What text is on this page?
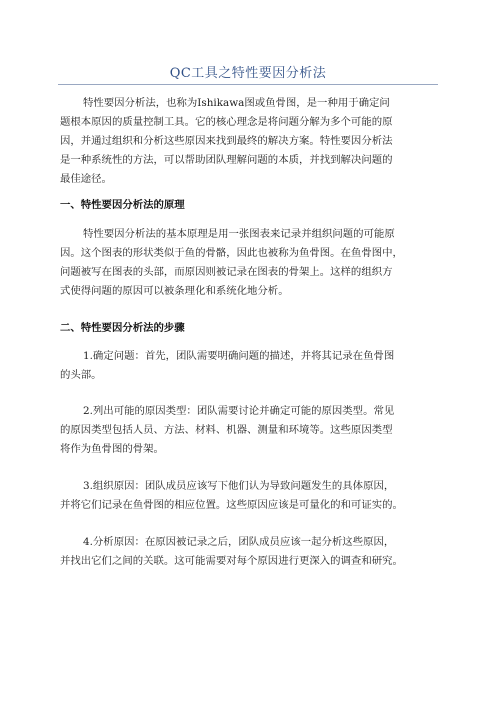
QC工具之特性要因分析法

特性要因分析法，也称为Ishikawa图或鱼骨图，是一种用于确定问
题根本原因的质量控制工具。它的核心理念是将问题分解为多个可能的原
因，并通过组织和分析这些原因来找到最终的解决方案。特性要因分析法
是一种系统性的方法，可以帮助团队理解问题的本质，并找到解决问题的
最佳途径。

一、特性要因分析法的原理

特性要因分析法的基本原理是用一张图表来记录并组织问题的可能原
因。这个图表的形状类似于鱼的骨骼，因此也被称为鱼骨图。在鱼骨图中，
问题被写在图表的头部，而原因则被记录在图表的骨架上。这样的组织方
式使得问题的原因可以被条理化和系统化地分析。

二、特性要因分析法的步骤

1.确定问题：首先，团队需要明确问题的描述，并将其记录在鱼骨图
的头部。

2.列出可能的原因类型：团队需要讨论并确定可能的原因类型。常见
的原因类型包括人员、方法、材料、机器、测量和环境等。这些原因类型
将作为鱼骨图的骨架。

3.组织原因：团队成员应该写下他们认为导致问题发生的具体原因，
并将它们记录在鱼骨图的相应位置。这些原因应该是可量化的和可证实的。

4.分析原因：在原因被记录之后，团队成员应该一起分析这些原因，
并找出它们之间的关联。这可能需要对每个原因进行更深入的调查和研究。
